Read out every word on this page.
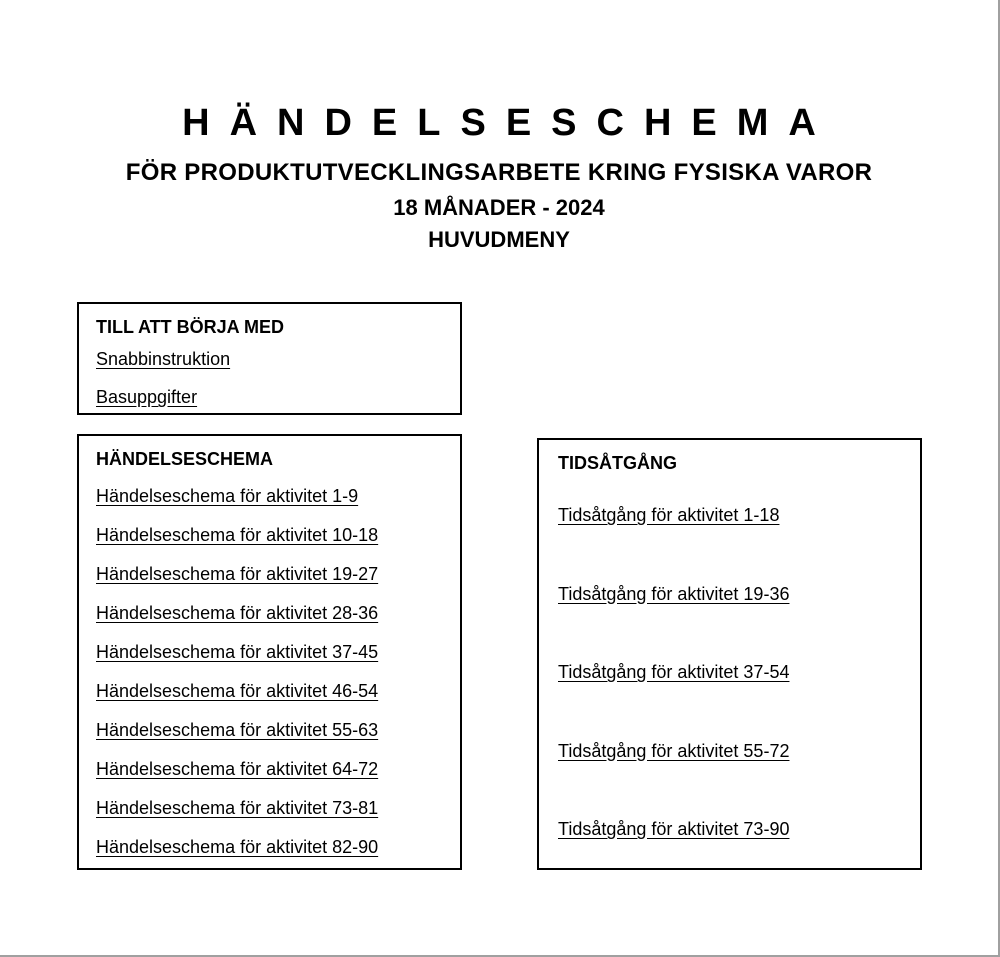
HÄNDELSESCHEMA
FÖR PRODUKTUTVECKLINGSARBETE KRING FYSISKA VAROR
18 MÅNADER - 2024
HUVUDMENY
TILL ATT BÖRJA MED
Snabbinstruktion
Basuppgifter
HÄNDELSESCHEMA
Händelseschema för aktivitet 1-9
Händelseschema för aktivitet 10-18
Händelseschema för aktivitet 19-27
Händelseschema för aktivitet 28-36
Händelseschema för aktivitet 37-45
Händelseschema för aktivitet 46-54
Händelseschema för aktivitet 55-63
Händelseschema för aktivitet 64-72
Händelseschema för aktivitet 73-81
Händelseschema för aktivitet 82-90
TIDSÅTGÅNG
Tidsåtgång för aktivitet 1-18
Tidsåtgång för aktivitet 19-36
Tidsåtgång för aktivitet 37-54
Tidsåtgång för aktivitet 55-72
Tidsåtgång för aktivitet 73-90
